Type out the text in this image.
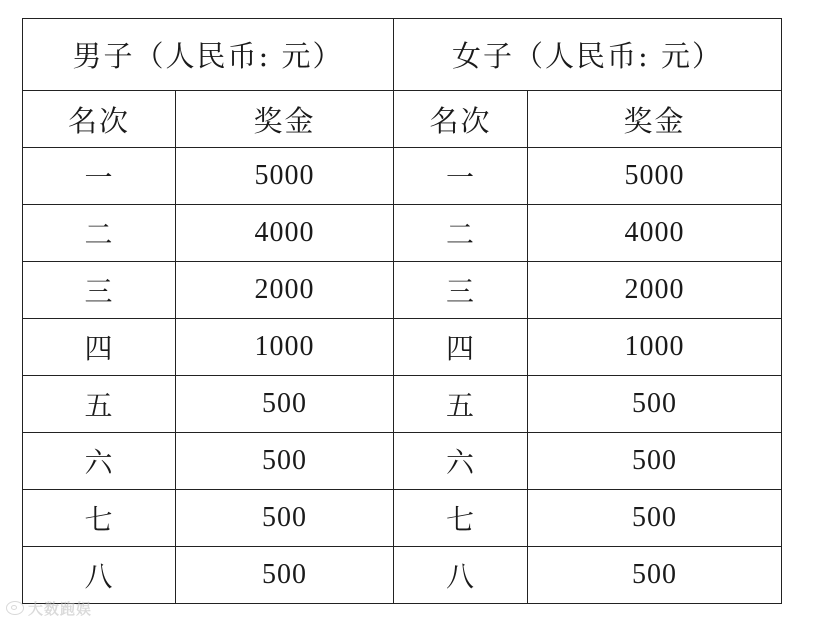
男子（人民币: 元）		女子（人民币: 元）	
名次	奖金	名次	奖金
一	5000	一	5000
二	4000	二	4000
三	2000	三	2000
四	1000	四	1000
五	500	五	500
六	500	六	500
七	500	七	500
八	500	八	500
大数跑娱
